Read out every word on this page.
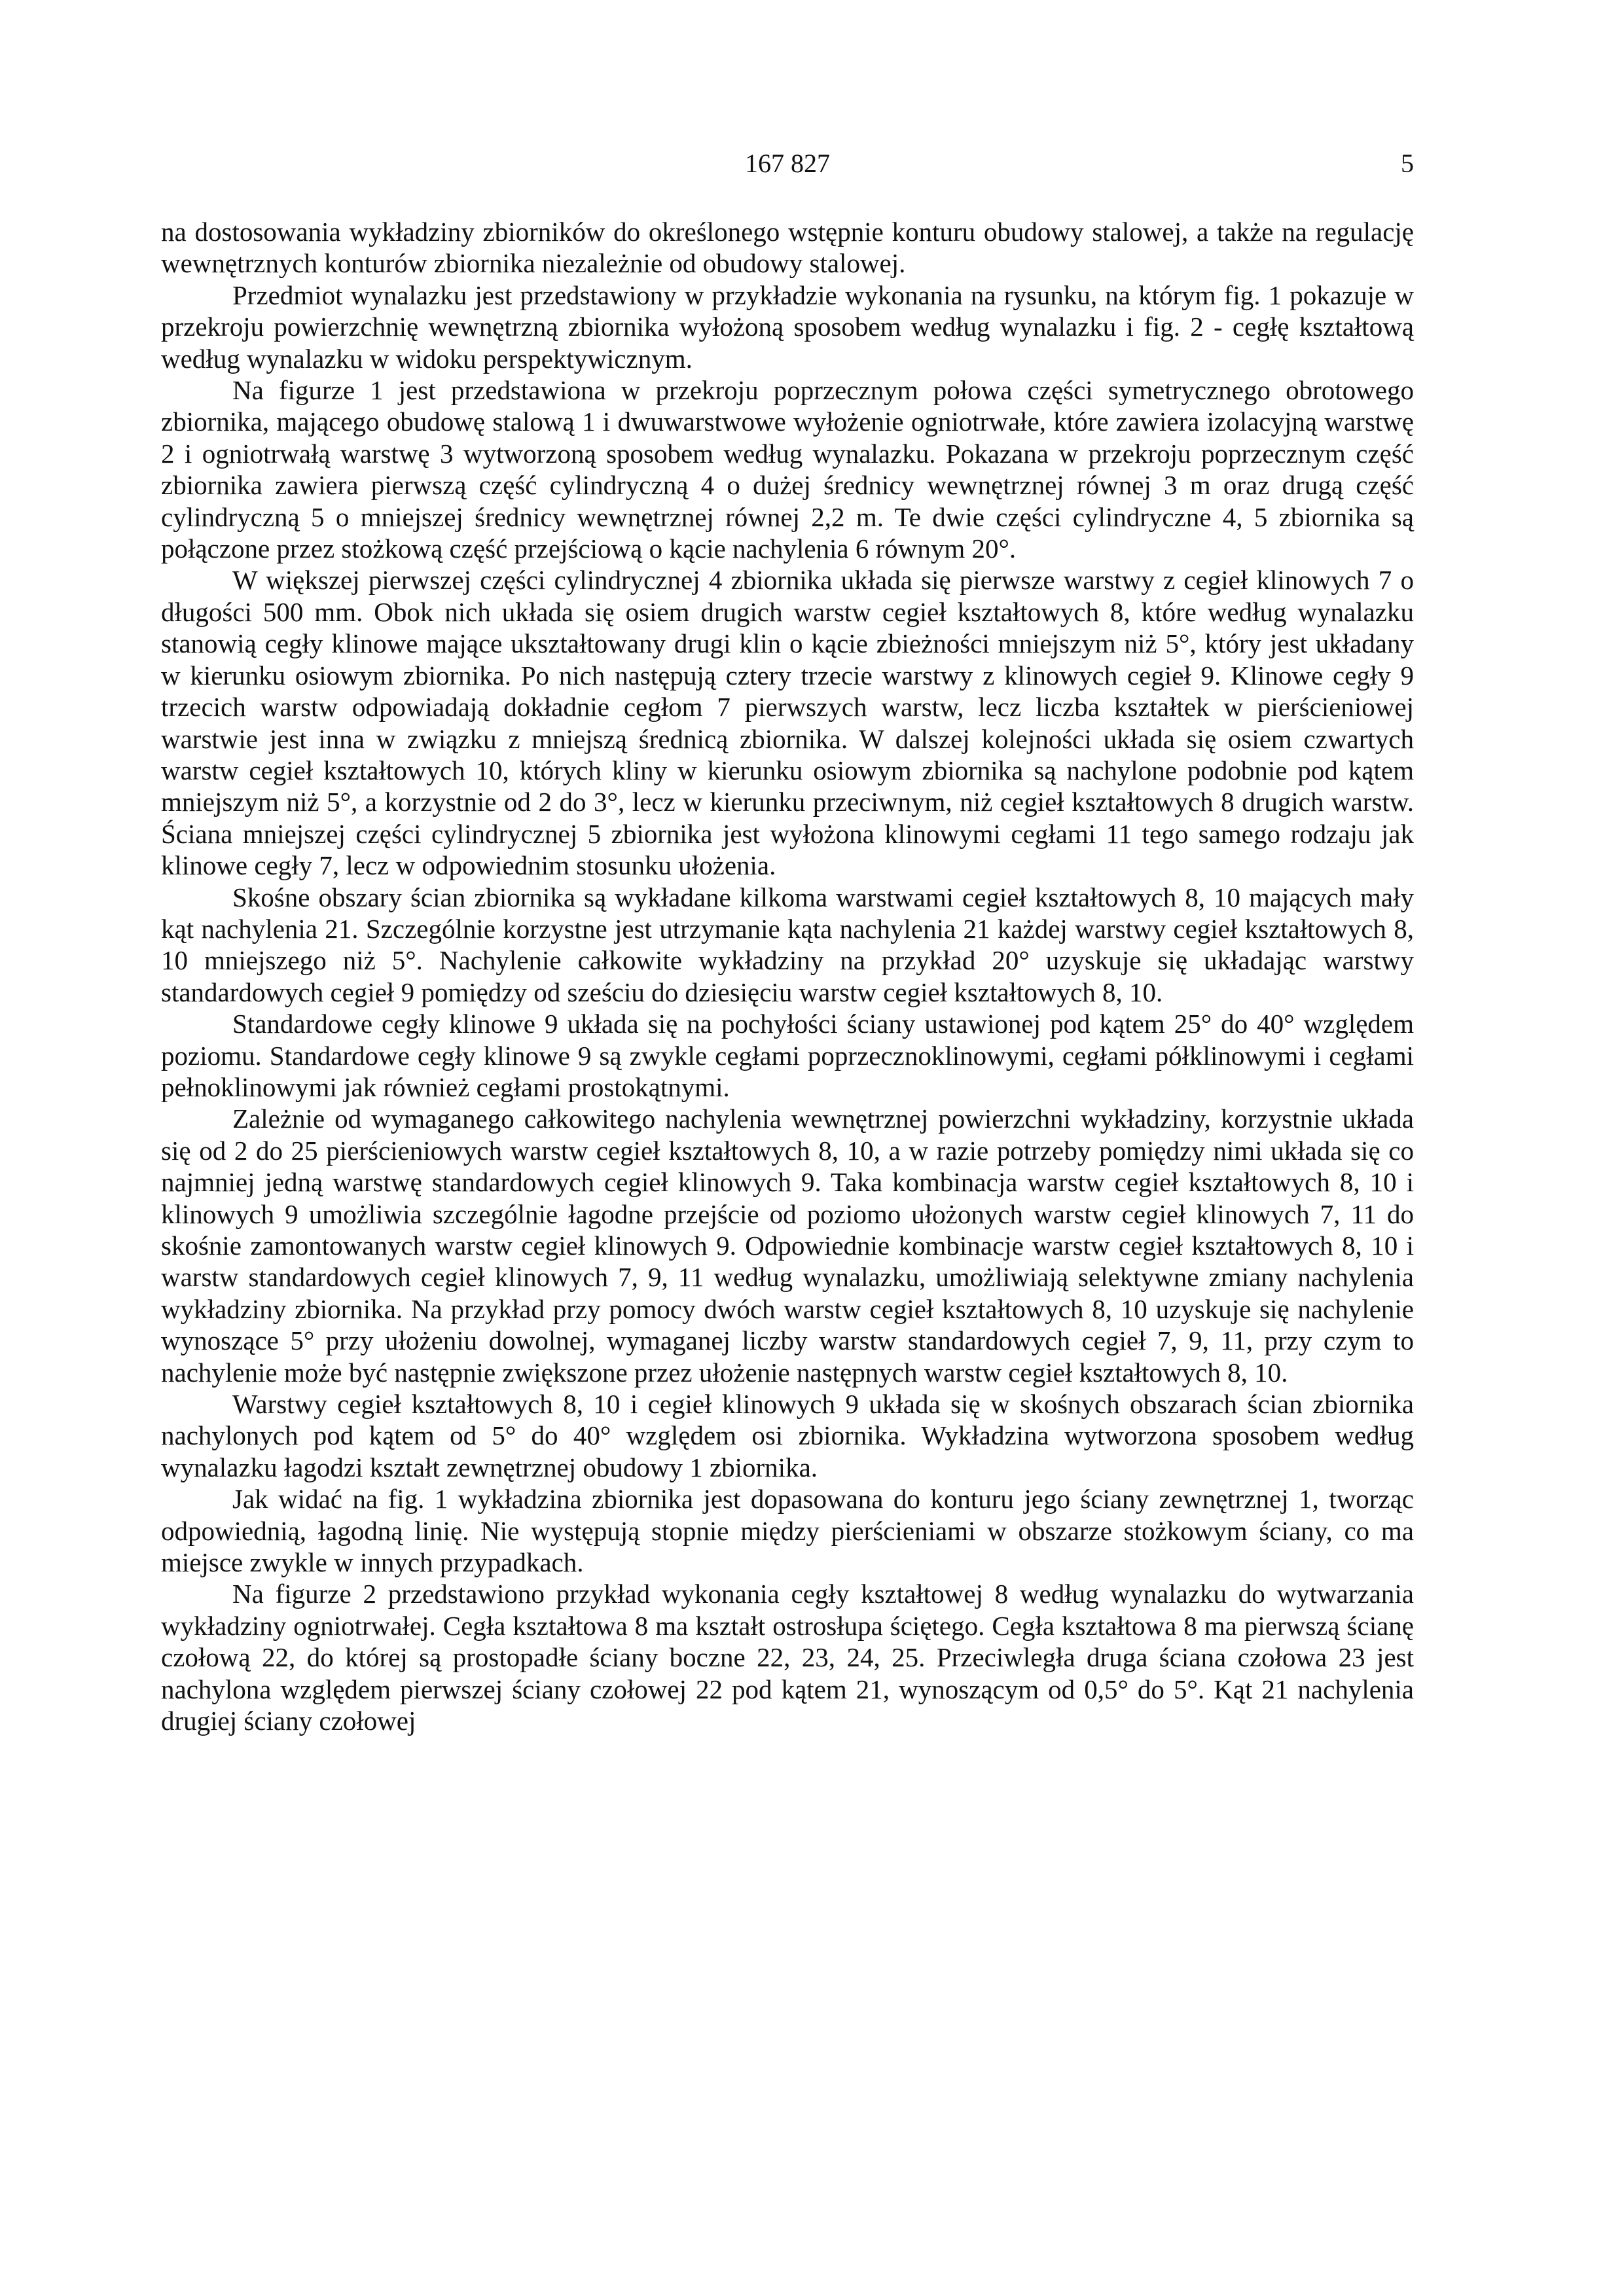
167 827	5

na dostosowania wykładziny zbiorników do określonego wstępnie konturu obudowy stalowej, a także na regulację wewnętrznych konturów zbiornika niezależnie od obudowy stalowej.

Przedmiot wynalazku jest przedstawiony w przykładzie wykonania na rysunku, na którym fig. 1 pokazuje w przekroju powierzchnię wewnętrzną zbiornika wyłożoną sposobem według wynalazku i fig. 2 - cegłę kształtową według wynalazku w widoku perspektywicznym.

Na figurze 1 jest przedstawiona w przekroju poprzecznym połowa części symetrycznego obrotowego zbiornika, mającego obudowę stalową 1 i dwuwarstwowe wyłożenie ogniotrwałe, które zawiera izolacyjną warstwę 2 i ogniotrwałą warstwę 3 wytworzoną sposobem według wynalazku. Pokazana w przekroju poprzecznym część zbiornika zawiera pierwszą część cylindryczną 4 o dużej średnicy wewnętrznej równej 3 m oraz drugą część cylindryczną 5 o mniejszej średnicy wewnętrznej równej 2,2 m. Te dwie części cylindryczne 4, 5 zbiornika są połączone przez stożkową część przejściową o kącie nachylenia 6 równym 20°.

W większej pierwszej części cylindrycznej 4 zbiornika układa się pierwsze warstwy z cegieł klinowych 7 o długości 500 mm. Obok nich układa się osiem drugich warstw cegieł kształtowych 8, które według wynalazku stanowią cegły klinowe mające ukształtowany drugi klin o kącie zbieżności mniejszym niż 5°, który jest układany w kierunku osiowym zbiornika. Po nich następują cztery trzecie warstwy z klinowych cegieł 9. Klinowe cegły 9 trzecich warstw odpowiadają dokładnie cegłom 7 pierwszych warstw, lecz liczba kształtek w pierścieniowej warstwie jest inna w związku z mniejszą średnicą zbiornika. W dalszej kolejności układa się osiem czwartych warstw cegieł kształtowych 10, których kliny w kierunku osiowym zbiornika są nachylone podobnie pod kątem mniejszym niż 5°, a korzystnie od 2 do 3°, lecz w kierunku przeciwnym, niż cegieł kształtowych 8 drugich warstw. Ściana mniejszej części cylindrycznej 5 zbiornika jest wyłożona klinowymi cegłami 11 tego samego rodzaju jak klinowe cegły 7, lecz w odpowiednim stosunku ułożenia.

Skośne obszary ścian zbiornika są wykładane kilkoma warstwami cegieł kształtowych 8, 10 mających mały kąt nachylenia 21. Szczególnie korzystne jest utrzymanie kąta nachylenia 21 każdej warstwy cegieł kształtowych 8, 10 mniejszego niż 5°. Nachylenie całkowite wykładziny na przykład 20° uzyskuje się układając warstwy standardowych cegieł 9 pomiędzy od sześciu do dziesięciu warstw cegieł kształtowych 8, 10.

Standardowe cegły klinowe 9 układa się na pochyłości ściany ustawionej pod kątem 25° do 40° względem poziomu. Standardowe cegły klinowe 9 są zwykle cegłami poprzecznoklinowymi, cegłami półklinowymi i cegłami pełnoklinowymi jak również cegłami prostokątnymi.

Zależnie od wymaganego całkowitego nachylenia wewnętrznej powierzchni wykładziny, korzystnie układa się od 2 do 25 pierścieniowych warstw cegieł kształtowych 8, 10, a w razie potrzeby pomiędzy nimi układa się co najmniej jedną warstwę standardowych cegieł klinowych 9. Taka kombinacja warstw cegieł kształtowych 8, 10 i klinowych 9 umożliwia szczególnie łagodne przejście od poziomo ułożonych warstw cegieł klinowych 7, 11 do skośnie zamontowanych warstw cegieł klinowych 9. Odpowiednie kombinacje warstw cegieł kształtowych 8, 10 i warstw standardowych cegieł klinowych 7, 9, 11 według wynalazku, umożliwiają selektywne zmiany nachylenia wykładziny zbiornika. Na przykład przy pomocy dwóch warstw cegieł kształtowych 8, 10 uzyskuje się nachylenie wynoszące 5° przy ułożeniu dowolnej, wymaganej liczby warstw standardowych cegieł 7, 9, 11, przy czym to nachylenie może być następnie zwiększone przez ułożenie następnych warstw cegieł kształtowych 8, 10.

Warstwy cegieł kształtowych 8, 10 i cegieł klinowych 9 układa się w skośnych obszarach ścian zbiornika nachylonych pod kątem od 5° do 40° względem osi zbiornika. Wykładzina wytworzona sposobem według wynalazku łagodzi kształt zewnętrznej obudowy 1 zbiornika.

Jak widać na fig. 1 wykładzina zbiornika jest dopasowana do konturu jego ściany zewnętrznej 1, tworząc odpowiednią, łagodną linię. Nie występują stopnie między pierścieniami w obszarze stożkowym ściany, co ma miejsce zwykle w innych przypadkach.

Na figurze 2 przedstawiono przykład wykonania cegły kształtowej 8 według wynalazku do wytwarzania wykładziny ogniotrwałej. Cegła kształtowa 8 ma kształt ostrosłupa ściętego. Cegła kształtowa 8 ma pierwszą ścianę czołową 22, do której są prostopadłe ściany boczne 22, 23, 24, 25. Przeciwległa druga ściana czołowa 23 jest nachylona względem pierwszej ściany czołowej 22 pod kątem 21, wynoszącym od 0,5° do 5°. Kąt 21 nachylenia drugiej ściany czołowej
